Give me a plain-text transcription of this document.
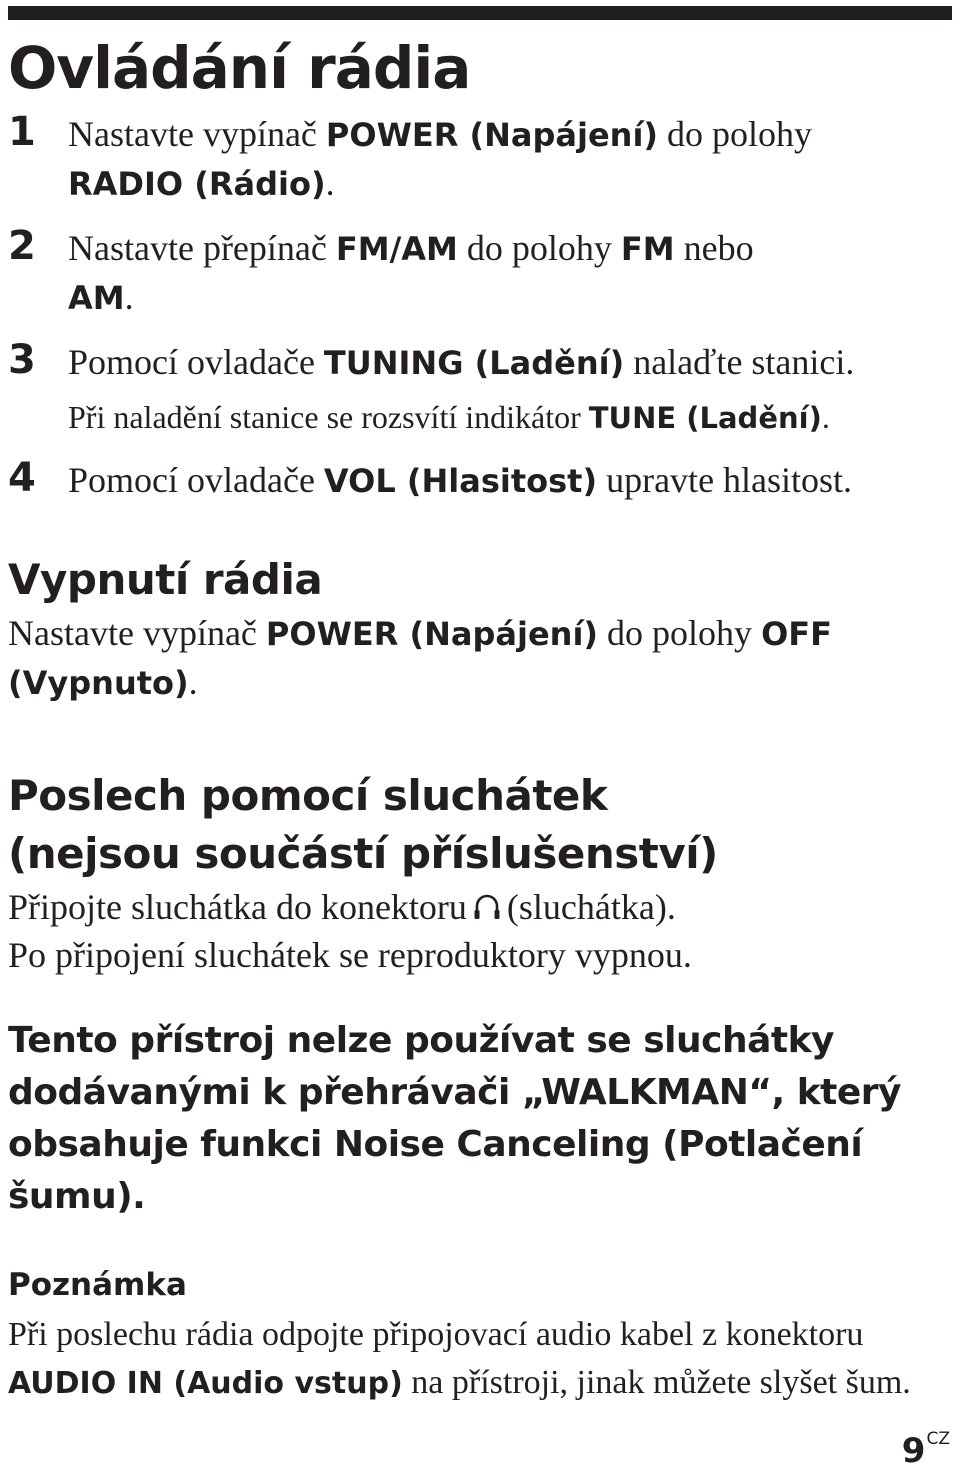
Ovládání rádia
1 Nastavte vypínač POWER (Napájení) do polohy
RADIO (Rádio).
2 Nastavte přepínač FM/AM do polohy FM nebo
AM.
3 Pomocí ovladače TUNING (Ladění) nalaďte stanici.
Při naladění stanice se rozsvítí indikátor TUNE (Ladění).
4 Pomocí ovladače VOL (Hlasitost) upravte hlasitost.
Vypnutí rádia

Nastavte vypínač POWER (Napájení) do polohy OFF (Vypnuto).

Poslech pomocí sluchátek
(nejsou součástí příslušenství)

Připojte sluchátka do konektoru (sluchátka).
Po připojení sluchátek se reproduktory vypnou.

Tento přístroj nelze používat se sluchátky dodávanými k přehrávači „WALKMAN“, který obsahuje funkci Noise Canceling (Potlačení šumu).
Poznámka
Při poslechu rádia odpojte připojovací audio kabel z konektoru AUDIO IN (Audio vstup) na přístroji, jinak můžete slyšet šum.
$9^{CZ}$
